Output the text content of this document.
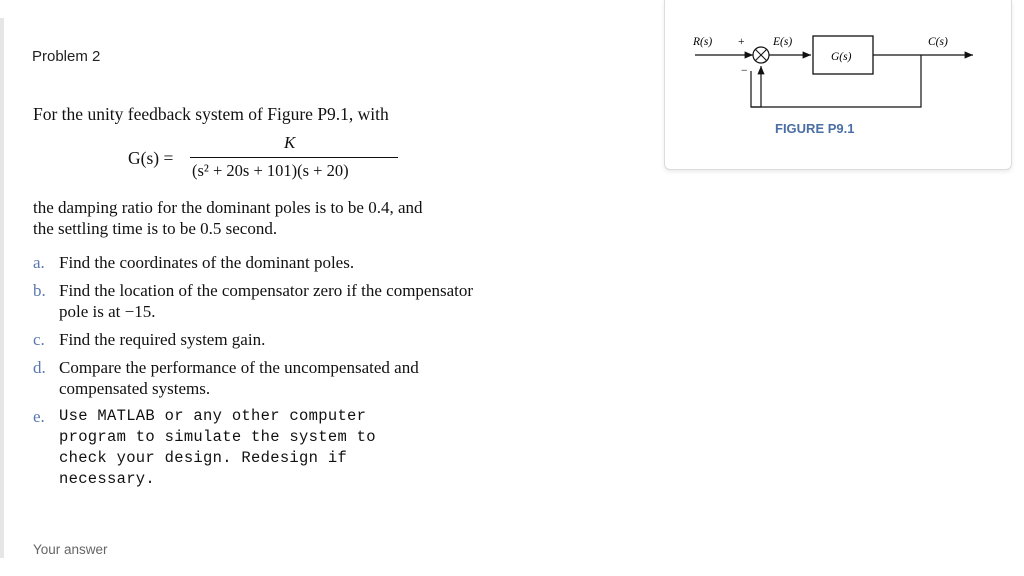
Problem 2
For the unity feedback system of Figure P9.1, with
G(s) =
K
(s² + 20s + 101)(s + 20)
the damping ratio for the dominant poles is to be 0.4, and
the settling time is to be 0.5 second.
a. Find the coordinates of the dominant poles.
b. Find the location of the compensator zero if the compensator pole is at −15.
c. Find the required system gain.
d. Compare the performance of the uncompensated and compensated systems.
e. Use MATLAB or any other computer program to simulate the system to check your design. Redesign if necessary.
Your answer
R(s) +
−
E(s)
G(s)
C(s)
FIGURE P9.1
